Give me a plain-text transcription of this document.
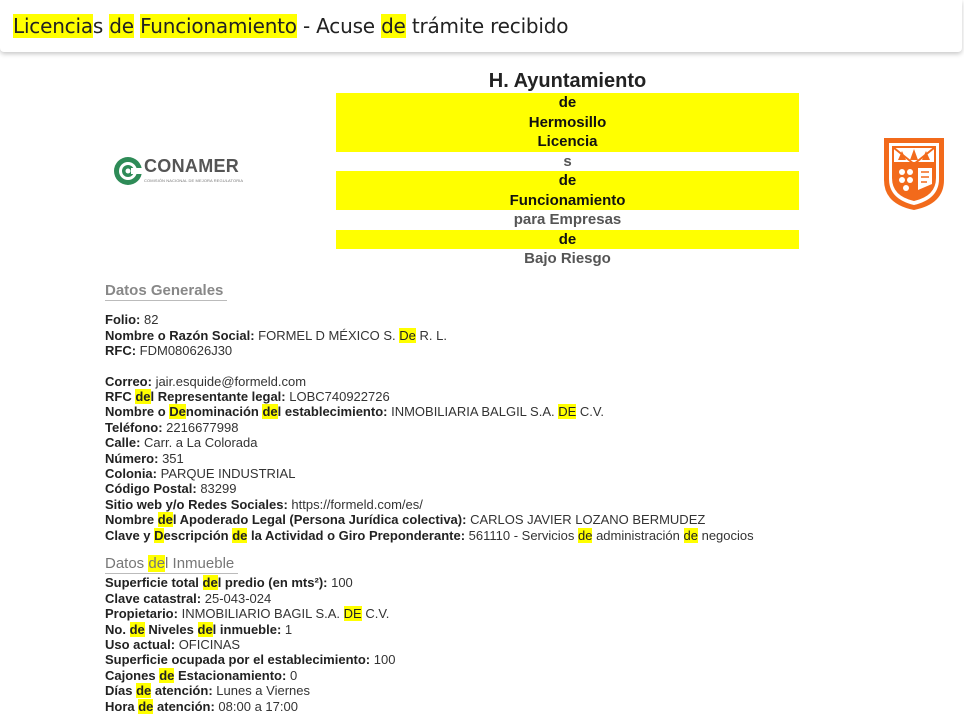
Licencias de Funcionamiento - Acuse de trámite recibido
CONAMER
COMISIÓN NACIONAL DE MEJORA REGULATORIA
H. Ayuntamiento
de
Hermosillo
Licencia
s
de
Funcionamiento
para Empresas
de
Bajo Riesgo
Datos Generales
Folio: 82
Nombre o Razón Social: FORMEL D MÉXICO S. De R. L.
RFC: FDM080626J30
Correo: jair.esquide@formeld.com
RFC del Representante legal: LOBC740922726
Nombre o Denominación del establecimiento: INMOBILIARIA BALGIL S.A. DE C.V.
Teléfono: 2216677998
Calle: Carr. a La Colorada
Número: 351
Colonia: PARQUE INDUSTRIAL
Código Postal: 83299
Sitio web y/o Redes Sociales: https://formeld.com/es/
Nombre del Apoderado Legal (Persona Jurídica colectiva): CARLOS JAVIER LOZANO BERMUDEZ
Clave y Descripción de la Actividad o Giro Preponderante: 561110 - Servicios de administración de negocios
Datos del Inmueble
Superficie total del predio (en mts²): 100
Clave catastral: 25-043-024
Propietario: INMOBILIARIO BAGIL S.A. DE C.V.
No. de Niveles del inmueble: 1
Uso actual: OFICINAS
Superficie ocupada por el establecimiento: 100
Cajones de Estacionamiento: 0
Días de atención: Lunes a Viernes
Hora de atención: 08:00 a 17:00
